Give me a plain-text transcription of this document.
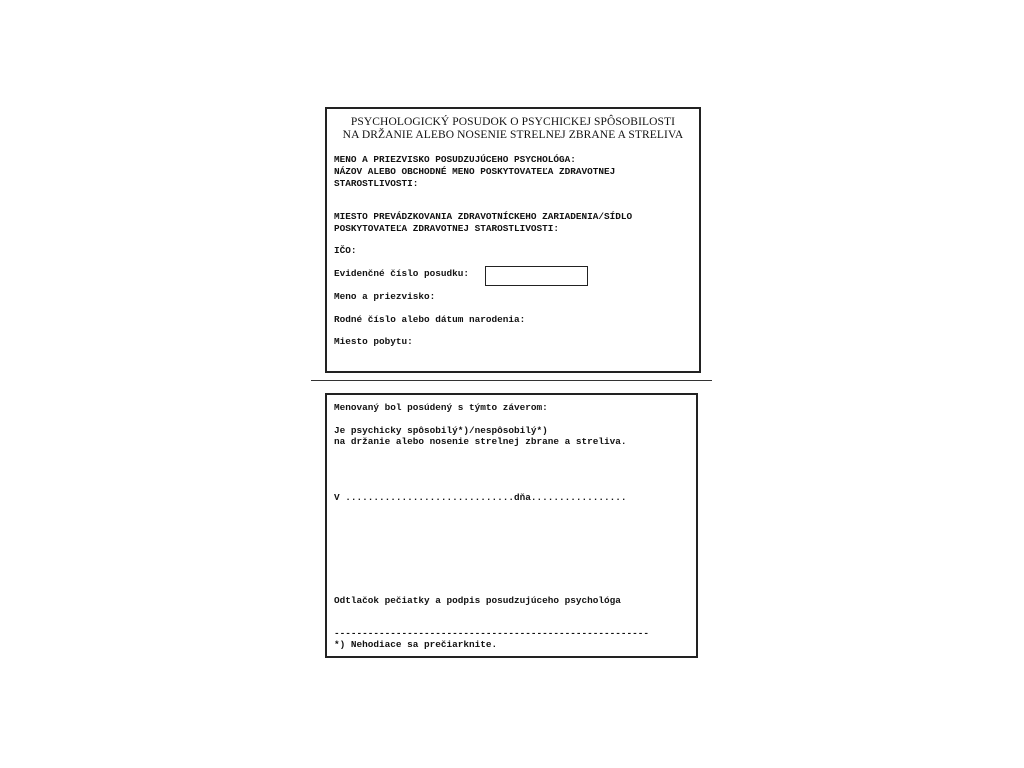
PSYCHOLOGICKÝ POSUDOK O PSYCHICKEJ SPÔSOBILOSTI
NA DRŽANIE ALEBO NOSENIE STRELNEJ ZBRANE A STRELIVA
MENO A PRIEZVISKO POSUDZUJÚCEHO PSYCHOLÓGA:
NÁZOV ALEBO OBCHODNÉ MENO POSKYTOVATEĽA ZDRAVOTNEJ
STAROSTLIVOSTI:
MIESTO PREVÁDZKOVANIA ZDRAVOTNÍCKEHO ZARIADENIA/SÍDLO
POSKYTOVATEĽA ZDRAVOTNEJ STAROSTLIVOSTI:
IČO:
Evidenčné číslo posudku:
Meno a priezvisko:
Rodné číslo alebo dátum narodenia:
Miesto pobytu:
Menovaný bol posúdený s týmto záverom:
Je psychicky spôsobilý*)/nespôsobilý*)
na držanie alebo nosenie strelnej zbrane a streliva.
V ..............................dňa.................
Odtlačok pečiatky a podpis posudzujúceho psychológa
--------------------------------------------------------
*) Nehodiace sa prečiarknite.
